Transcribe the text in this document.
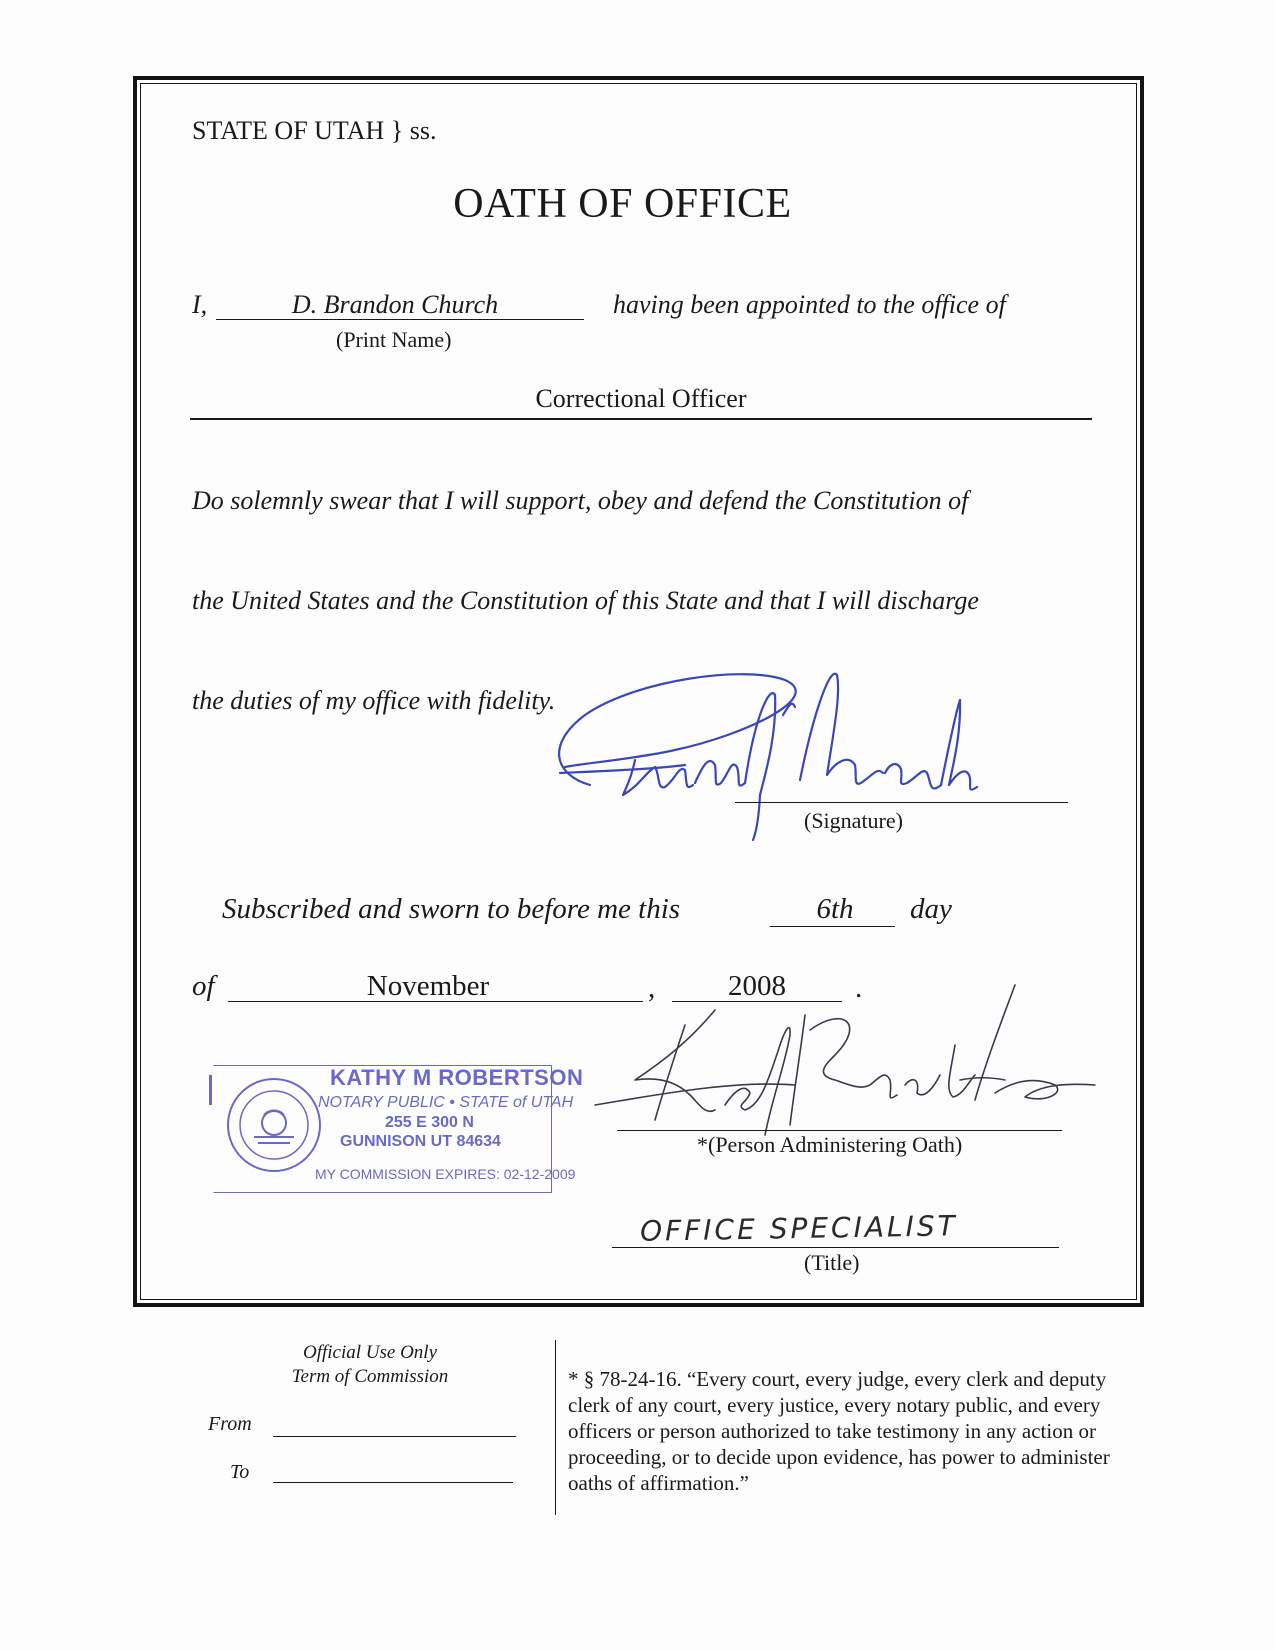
STATE OF UTAH } ss.
OATH OF OFFICE
I,	D. Brandon Church
(Print Name)
having been appointed to the office of
Correctional Officer
Do solemnly swear that I will support, obey and defend the Constitution of
the United States and the Constitution of this State and that I will discharge
the duties of my office with fidelity.
(Signature)
Subscribed and sworn to before me this	6th	day
of	November	,	2008	.
*(Person Administering Oath)
OFFICE SPECIALIST
(Title)
KATHY M ROBERTSON
NOTARY PUBLIC • STATE of UTAH
255 E 300 N
GUNNISON UT 84634
MY COMMISSION EXPIRES: 02-12-2009
Official Use Only
Term of Commission
From
To
* § 78-24-16. “Every court, every judge, every clerk and deputy clerk of any court, every justice, every notary public, and every officers or person authorized to take testimony in any action or proceeding, or to decide upon evidence, has power to administer oaths of affirmation.”
